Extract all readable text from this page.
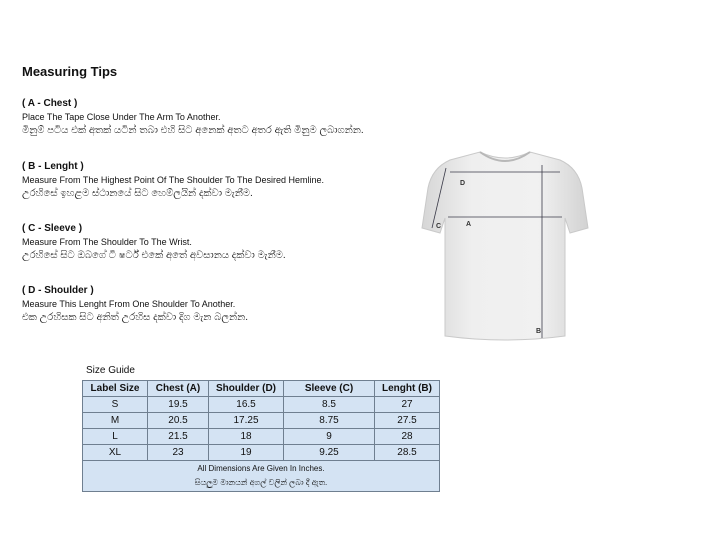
Measuring Tips
( A - Chest )
Place The Tape Close Under The Arm To Another.
මිනුම් පටිය එක් අතක් යටින් තබා එහි සිට අනෙක් අතට අතර ඇති මිනුම ලබාගන්න.
( B - Lenght )
Measure From The Highest Point Of The Shoulder To The Desired Hemline.
උරහිසේ ඉහළම ස්ථානයේ සිට හෙම්ලයින් දක්වා මැනීම.
( C - Sleeve )
Measure From The Shoulder To The Wrist.
උරහිසේ සිට ඔබගේ ටී ෂර්ට් එකේ අතේ අවසානය දක්වා මැනීම.
( D - Shoulder )
Measure This Lenght From One Shoulder To Another.
එක උරහිසක සිට අනිත් උරහිස දක්වා දිග මැන බලන්න.
D
A
C
B
Size Guide
Label Size	Chest (A)	Shoulder (D)	Sleeve (C)	Lenght (B)
S	19.5	16.5	8.5	27
M	20.5	17.25	8.75	27.5
L	21.5	18	9	28
XL	23	19	9.25	28.5
All Dimensions Are Given In Inches.				
සියලුම මානයන් අගල් වලින් ලබා දී ඇත.				
